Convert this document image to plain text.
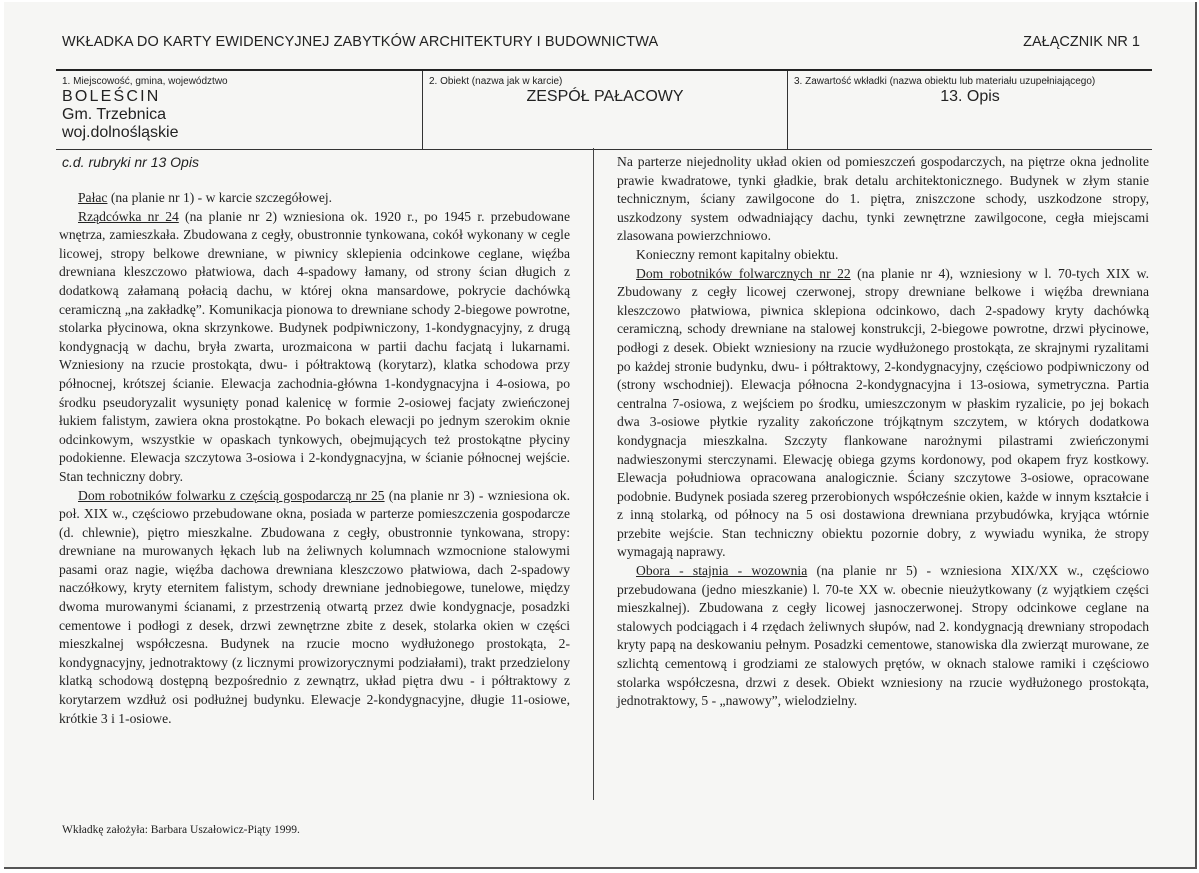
WKŁADKA DO KARTY EWIDENCYJNEJ ZABYTKÓW ARCHITEKTURY I BUDOWNICTWA	ZAŁĄCZNIK NR 1
1. Miejscowość, gmina, województwo
BOLEŚCIN
Gm. Trzebnica
woj.dolnośląskie
2. Obiekt (nazwa jak w karcie)
ZESPÓŁ PAŁACOWY
3. Zawartość wkładki (nazwa obiektu lub materiału uzupełniającego)
13. Opis
c.d. rubryki nr 13 Opis

Pałac (na planie nr 1) - w karcie szczegółowej.

Rządcówka nr 24 (na planie nr 2) wzniesiona ok. 1920 r., po 1945 r. przebudowane wnętrza, zamieszkała. Zbudowana z cegły, obustronnie tynkowana, cokół wykonany w cegle licowej, stropy belkowe drewniane, w piwnicy sklepienia odcinkowe ceglane, więźba drewniana kleszczowo płatwiowa, dach 4-spadowy łamany, od strony ścian długich z dodatkową załamaną połacią dachu, w której okna mansardowe, pokrycie dachówką ceramiczną „na zakładkę”. Komunikacja pionowa to drewniane schody 2-biegowe powrotne, stolarka płycinowa, okna skrzynkowe. Budynek podpiwniczony, 1-kondygnacyjny, z drugą kondygnacją w dachu, bryła zwarta, urozmaicona w partii dachu facjatą i lukarnami. Wzniesiony na rzucie prostokąta, dwu- i półtraktową (korytarz), klatka schodowa przy północnej, krótszej ścianie. Elewacja zachodnia-główna 1-kondygnacyjna i 4-osiowa, po środku pseudoryzalit wysunięty ponad kalenicę w formie 2-osiowej facjaty zwieńczonej łukiem falistym, zawiera okna prostokątne. Po bokach elewacji po jednym szerokim oknie odcinkowym, wszystkie w opaskach tynkowych, obejmujących też prostokątne płyciny podokienne. Elewacja szczytowa 3-osiowa i 2-kondygnacyjna, w ścianie północnej wejście. Stan techniczny dobry.

Dom robotników folwarku z częścią gospodarczą nr 25 (na planie nr 3) - wzniesiona ok. poł. XIX w., częściowo przebudowane okna, posiada w parterze pomieszczenia gospodarcze (d. chlewnie), piętro mieszkalne. Zbudowana z cegły, obustronnie tynkowana, stropy: drewniane na murowanych łękach lub na żeliwnych kolumnach wzmocnione stalowymi pasami oraz nagie, więźba dachowa drewniana kleszczowo płatwiowa, dach 2-spadowy naczółkowy, kryty eternitem falistym, schody drewniane jednobiegowe, tunelowe, między dwoma murowanymi ścianami, z przestrzenią otwartą przez dwie kondygnacje, posadzki cementowe i podłogi z desek, drzwi zewnętrzne zbite z desek, stolarka okien w części mieszkalnej współczesna. Budynek na rzucie mocno wydłużonego prostokąta, 2-kondygnacyjny, jednotraktowy (z licznymi prowizorycznymi podziałami), trakt przedzielony klatką schodową dostępną bezpośrednio z zewnątrz, układ piętra dwu - i półtraktowy z korytarzem wzdłuż osi podłużnej budynku. Elewacje 2-kondygnacyjne, długie 11-osiowe, krótkie 3 i 1-osiowe.

Na parterze niejednolity układ okien od pomieszczeń gospodarczych, na piętrze okna jednolite prawie kwadratowe, tynki gładkie, brak detalu architektonicznego. Budynek w złym stanie technicznym, ściany zawilgocone do 1. piętra, zniszczone schody, uszkodzone stropy, uszkodzony system odwadniający dachu, tynki zewnętrzne zawilgocone, cegła miejscami zlasowana powierzchniowo.

Konieczny remont kapitalny obiektu.

Dom robotników folwarcznych nr 22 (na planie nr 4), wzniesiony w l. 70-tych XIX w. Zbudowany z cegły licowej czerwonej, stropy drewniane belkowe i więźba drewniana kleszczowo płatwiowa, piwnica sklepiona odcinkowo, dach 2-spadowy kryty dachówką ceramiczną, schody drewniane na stalowej konstrukcji, 2-biegowe powrotne, drzwi płycinowe, podłogi z desek. Obiekt wzniesiony na rzucie wydłużonego prostokąta, ze skrajnymi ryzalitami po każdej stronie budynku, dwu- i półtraktowy, 2-kondygnacyjny, częściowo podpiwniczony od (strony wschodniej). Elewacja północna 2-kondygnacyjna i 13-osiowa, symetryczna. Partia centralna 7-osiowa, z wejściem po środku, umieszczonym w płaskim ryzalicie, po jej bokach dwa 3-osiowe płytkie ryzality zakończone trójkątnym szczytem, w których dodatkowa kondygnacja mieszkalna. Szczyty flankowane narożnymi pilastrami zwieńczonymi nadwieszonymi sterczynami. Elewację obiega gzyms kordonowy, pod okapem fryz kostkowy. Elewacja południowa opracowana analogicznie. Ściany szczytowe 3-osiowe, opracowane podobnie. Budynek posiada szereg przerobionych współcześnie okien, każde w innym kształcie i z inną stolarką, od północy na 5 osi dostawiona drewniana przybudówka, kryjąca wtórnie przebite wejście. Stan techniczny obiektu pozornie dobry, z wywiadu wynika, że stropy wymagają naprawy.

Obora - stajnia - wozownia (na planie nr 5) - wzniesiona XIX/XX w., częściowo przebudowana (jedno mieszkanie) l. 70-te XX w. obecnie nieużytkowany (z wyjątkiem części mieszkalnej). Zbudowana z cegły licowej jasnoczerwonej. Stropy odcinkowe ceglane na stalowych podciągach i 4 rzędach żeliwnych słupów, nad 2. kondygnacją drewniany stropodach kryty papą na deskowaniu pełnym. Posadzki cementowe, stanowiska dla zwierząt murowane, ze szlichtą cementową i grodziami ze stalowych prętów, w oknach stalowe ramiki i częściowo stolarka współczesna, drzwi z desek. Obiekt wzniesiony na rzucie wydłużonego prostokąta, jednotraktowy, 5 - „nawowy”, wielodzielny.

Wkładkę założyła: Barbara Uszałowicz-Piąty 1999.
